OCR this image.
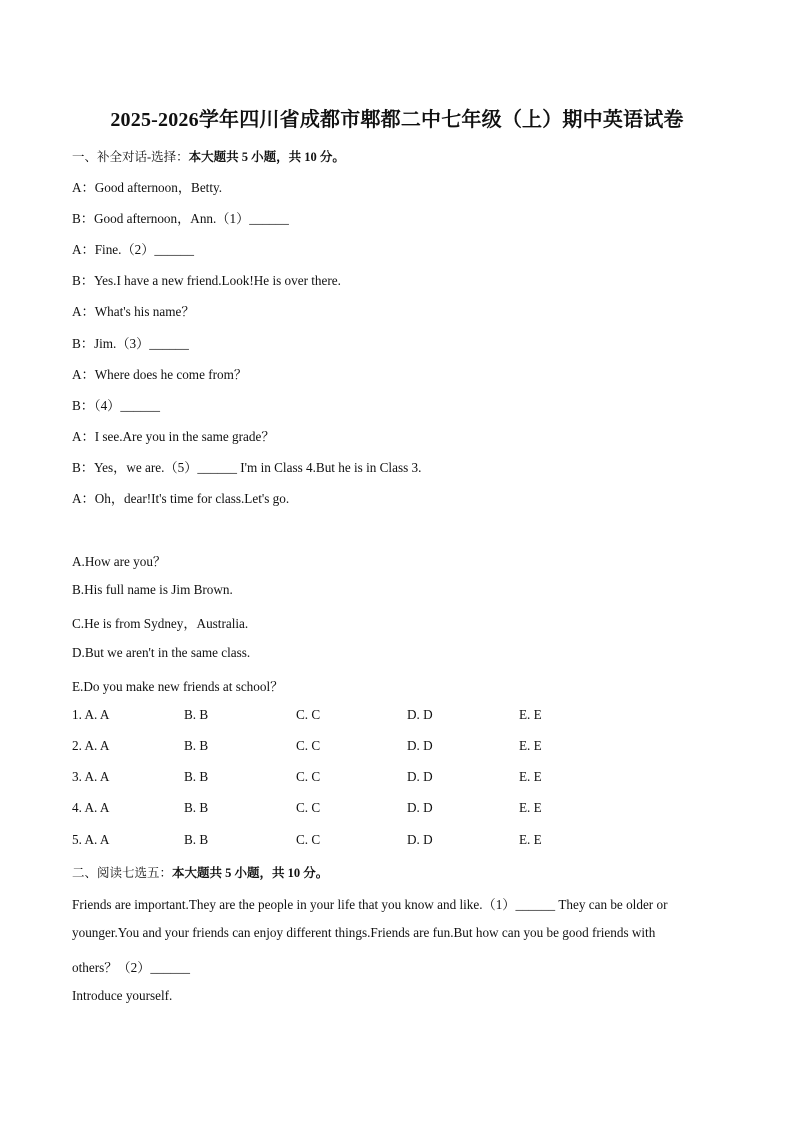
2025-2026学年四川省成都市郫都二中七年级（上）期中英语试卷
一、补全对话-选择：本大题共 5 小题，共 10 分。
A：Good afternoon，Betty.
B：Good afternoon，Ann.（1）______
A：Fine.（2）______
B：Yes.I have a new friend.Look!He is over there.
A：What's his name？
B：Jim.（3）______
A：Where does he come from？
B：（4）______
A：I see.Are you in the same grade？
B：Yes，we are.（5）______ I'm in Class 4.But he is in Class 3.
A：Oh，dear!It's time for class.Let's go.
A.How are you？
B.His full name is Jim Brown.
C.He is from Sydney，Australia.
D.But we aren't in the same class.
E.Do you make new friends at school？
1. A. A	B. B	C. C	D. D	E. E
2. A. A	B. B	C. C	D. D	E. E
3. A. A	B. B	C. C	D. D	E. E
4. A. A	B. B	C. C	D. D	E. E
5. A. A	B. B	C. C	D. D	E. E
二、阅读七选五：本大题共 5 小题，共 10 分。
Friends are important.They are the people in your life that you know and like.（1）______ They can be older or
younger.You and your friends can enjoy different things.Friends are fun.But how can you be good friends with
others？（2）______
Introduce yourself.
